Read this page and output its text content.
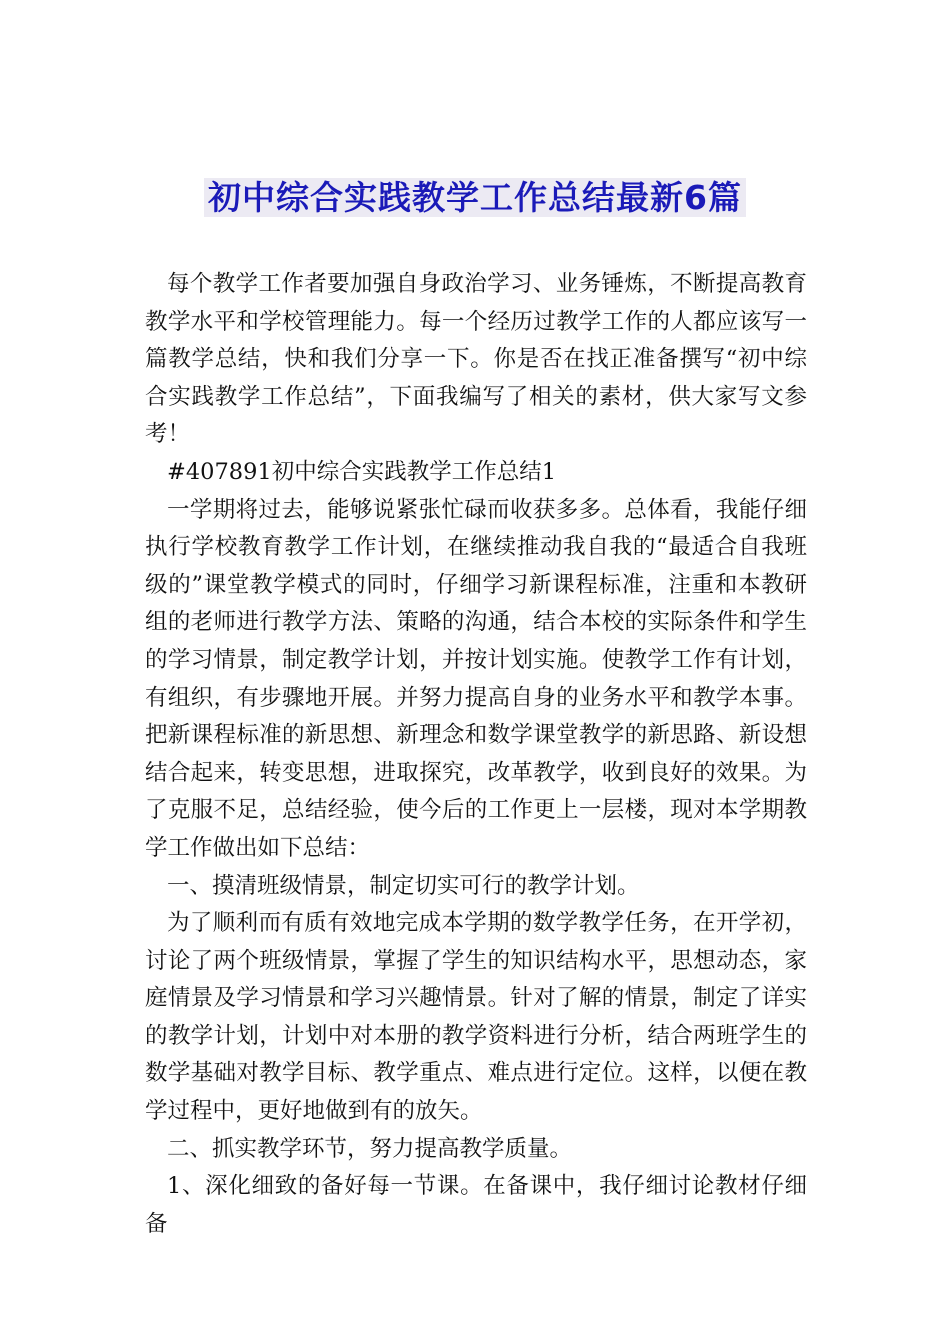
初中综合实践教学工作总结最新6篇

每个教学工作者要加强自身政治学习、业务锤炼，不断提高教育教学水平和学校管理能力。每一个经历过教学工作的人都应该写一篇教学总结，快和我们分享一下。你是否在找正准备撰写“初中综合实践教学工作总结”，下面我编写了相关的素材，供大家写文参考！

#407891初中综合实践教学工作总结1

一学期将过去，能够说紧张忙碌而收获多多。总体看，我能仔细执行学校教育教学工作计划，在继续推动我自我的“最适合自我班级的”课堂教学模式的同时，仔细学习新课程标准，注重和本教研组的老师进行教学方法、策略的沟通，结合本校的实际条件和学生的学习情景，制定教学计划，并按计划实施。使教学工作有计划，有组织，有步骤地开展。并努力提高自身的业务水平和教学本事。把新课程标准的新思想、新理念和数学课堂教学的新思路、新设想结合起来，转变思想，进取探究，改革教学，收到良好的效果。为了克服不足，总结经验，使今后的工作更上一层楼，现对本学期教学工作做出如下总结：

一、摸清班级情景，制定切实可行的教学计划。

为了顺利而有质有效地完成本学期的数学教学任务，在开学初，讨论了两个班级情景，掌握了学生的知识结构水平，思想动态，家庭情景及学习情景和学习兴趣情景。针对了解的情景，制定了详实的教学计划，计划中对本册的教学资料进行分析，结合两班学生的数学基础对教学目标、教学重点、难点进行定位。这样，以便在教学过程中，更好地做到有的放矢。

二、抓实教学环节，努力提高教学质量。

1、深化细致的备好每一节课。在备课中，我仔细讨论教材仔细备
